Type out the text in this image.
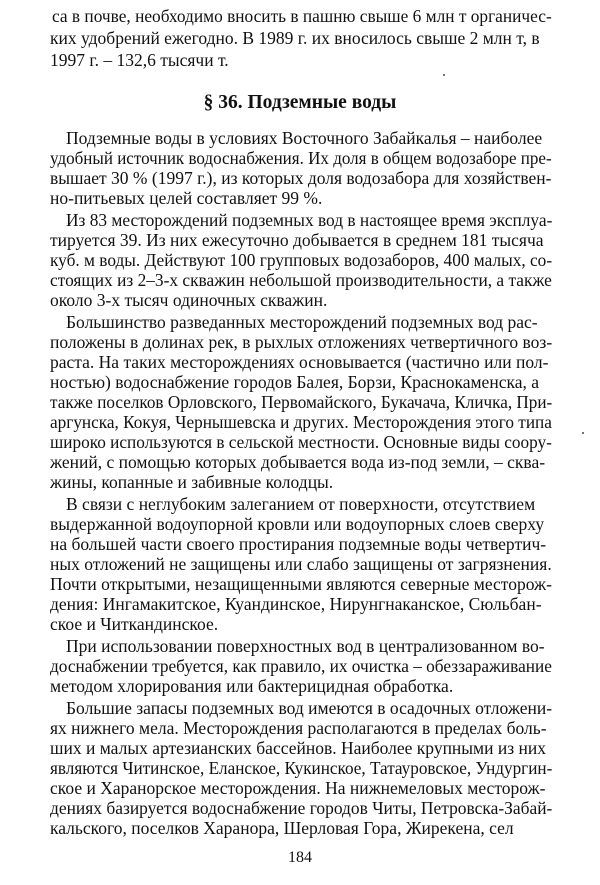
са в почве, необходимо вносить в пашню свыше 6 млн т органичес-
ких удобрений ежегодно. В 1989 г. их вносилось свыше 2 млн т, в
1997 г. – 132,6 тысячи т.
§ 36. Подземные воды
Подземные воды в условиях Восточного Забайкалья – наиболее
удобный источник водоснабжения. Их доля в общем водозаборе пре-
вышает 30 % (1997 г.), из которых доля водозабора для хозяйствен-
но-питьевых целей составляет 99 %.
Из 83 месторождений подземных вод в настоящее время эксплуа-
тируется 39. Из них ежесуточно добывается в среднем 181 тысяча
куб. м воды. Действуют 100 групповых водозаборов, 400 малых, со-
стоящих из 2–3-х скважин небольшой производительности, а также
около 3-х тысяч одиночных скважин.
Большинство разведанных месторождений подземных вод рас-
положены в долинах рек, в рыхлых отложениях четвертичного воз-
раста. На таких месторождениях основывается (частично или пол-
ностью) водоснабжение городов Балея, Борзи, Краснокаменска, а
также поселков Орловского, Первомайского, Букачача, Кличка, При-
аргунска, Кокуя, Чернышевска и других. Месторождения этого типа
широко используются в сельской местности. Основные виды соору-
жений, с помощью которых добывается вода из-под земли, – сква-
жины, копанные и забивные колодцы.
В связи с неглубоким залеганием от поверхности, отсутствием
выдержанной водоупорной кровли или водоупорных слоев сверху
на большей части своего простирания подземные воды четвертич-
ных отложений не защищены или слабо защищены от загрязнения.
Почти открытыми, незащищенными являются северные месторож-
дения: Ингамакитское, Куандинское, Нирунгнаканское, Сюльбан-
ское и Читкандинское.
При использовании поверхностных вод в централизованном во-
доснабжении требуется, как правило, их очистка – обеззараживание
методом хлорирования или бактерицидная обработка.
Большие запасы подземных вод имеются в осадочных отложени-
ях нижнего мела. Месторождения располагаются в пределах боль-
ших и малых артезианских бассейнов. Наиболее крупными из них
являются Читинское, Еланское, Кукинское, Татауровское, Ундургин-
ское и Харанорское месторождения. На нижнемеловых месторож-
дениях базируется водоснабжение городов Читы, Петровска-Забай-
кальского, поселков Харанора, Шерловая Гора, Жирекена, сел
184
